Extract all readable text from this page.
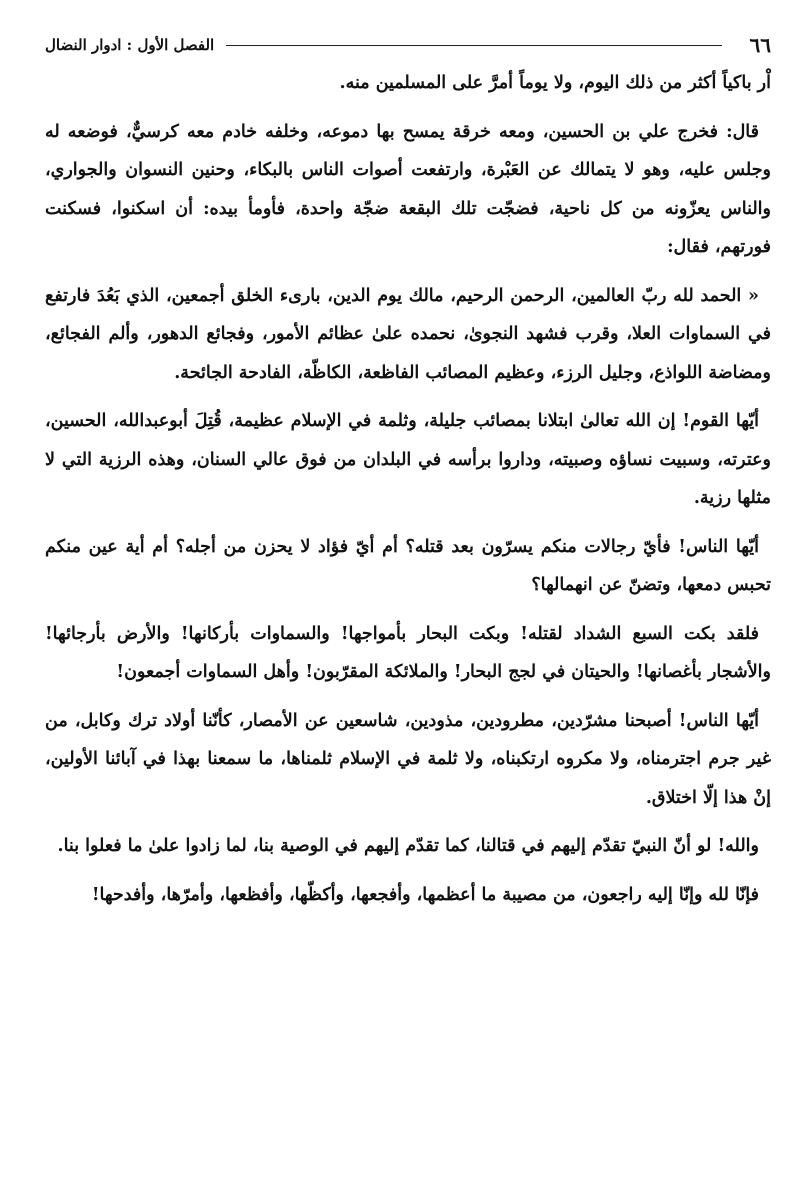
٦٦
الفصل الأول : ادوار النضال

اْر باكياً أكثر من ذلك اليوم، ولا يوماً أمرَّ على المسلمين منه.

قال: فخرج علي بن الحسين، ومعه خرقة يمسح بها دموعه، وخلفه خادم معه كرسيٌّ، فوضعه له وجلس عليه، وهو لا يتمالك عن العَبْرة، وارتفعت أصوات الناس بالبكاء، وحنين النسوان والجواري، والناس يعزّونه من كل ناحية، فضجّت تلك البقعة ضجّة واحدة، فأومأ بيده: أن اسكنوا، فسكنت فورتهم، فقال:

« الحمد لله ربّ العالمين، الرحمن الرحيم، مالك يوم الدين، بارىء الخلق أجمعين، الذي بَعُدَ فارتفع في السماوات العلا، وقرب فشهد النجوىٰ، نحمده علىٰ عظائم الأمور، وفجائع الدهور، وألم الفجائع، ومضاضة اللواذع، وجليل الرزء، وعظيم المصائب الفاظعة، الكاظّة، الفادحة الجائحة.

أيّها القوم! إن الله تعالىٰ ابتلانا بمصائب جليلة، وثلمة في الإسلام عظيمة، قُتِلَ أبوعبدالله، الحسين، وعترته، وسبيت نساؤه وصبيته، وداروا برأسه في البلدان من فوق عالي السنان، وهذه الرزية التي لا مثلها رزية.

أيّها الناس! فأيّ رجالات منكم يسرّون بعد قتله؟ أم أيّ فؤاد لا يحزن من أجله؟ أم أية عين منكم تحبس دمعها، وتضنّ عن انهمالها؟

فلقد بكت السبع الشداد لقتله! وبكت البحار بأمواجها! والسماوات بأركانها! والأرض بأرجائها! والأشجار بأغصانها! والحيتان في لجج البحار! والملائكة المقرّبون! وأهل السماوات أجمعون!

أيّها الناس! أصبحنا مشرّدين، مطرودين، مذودين، شاسعين عن الأمصار، كأنّنا أولاد ترك وكابل، من غير جرم اجترمناه، ولا مكروه ارتكبناه، ولا ثلمة في الإسلام ثلمناها، ما سمعنا بهذا في آبائنا الأولين، إنْ هذا إلّا اختلاق.

والله! لو أنّ النبيّ تقدّم إليهم في قتالنا، كما تقدّم إليهم في الوصية بنا، لما زادوا علىٰ ما فعلوا بنا.

فإنّا لله وإنّا إليه راجعون، من مصيبة ما أعظمها، وأفجعها، وأكظّها، وأفظعها، وأمرّها، وأفدحها!
